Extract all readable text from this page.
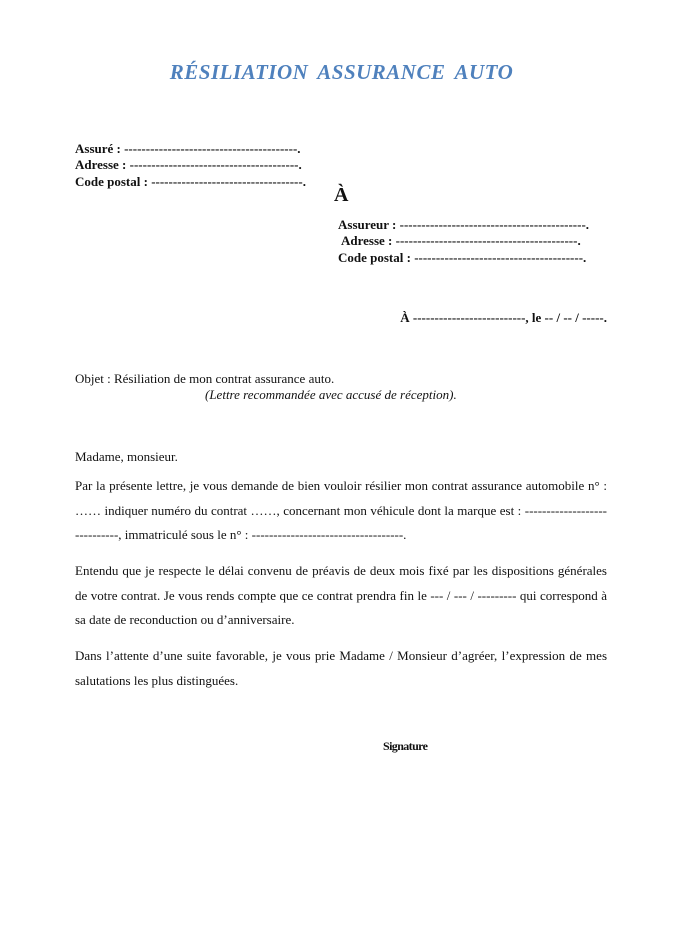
RÉSILIATION ASSURANCE AUTO
Assuré : ----------------------------------------.
Adresse : ---------------------------------------.
Code postal : -----------------------------------.
À
Assureur : -------------------------------------------.
Adresse : ------------------------------------------.
Code postal : ---------------------------------------.
À --------------------------, le -- / -- / -----.
Objet : Résiliation de mon contrat assurance auto.
(Lettre recommandée avec accusé de réception).
Madame, monsieur.
Par la présente lettre, je vous demande de bien vouloir résilier mon contrat assurance automobile n° : …… indiquer numéro du contrat ……, concernant mon véhicule dont la marque est : -----------------------------, immatriculé sous le n° : -----------------------------------.
Entendu que je respecte le délai convenu de préavis de deux mois fixé par les dispositions générales de votre contrat. Je vous rends compte que ce contrat prendra fin le --- / --- / --------- qui correspond à sa date de reconduction ou d’anniversaire.
Dans l’attente d’une suite favorable, je vous prie Madame / Monsieur d’agréer, l’expression de mes salutations les plus distinguées.
Signature
